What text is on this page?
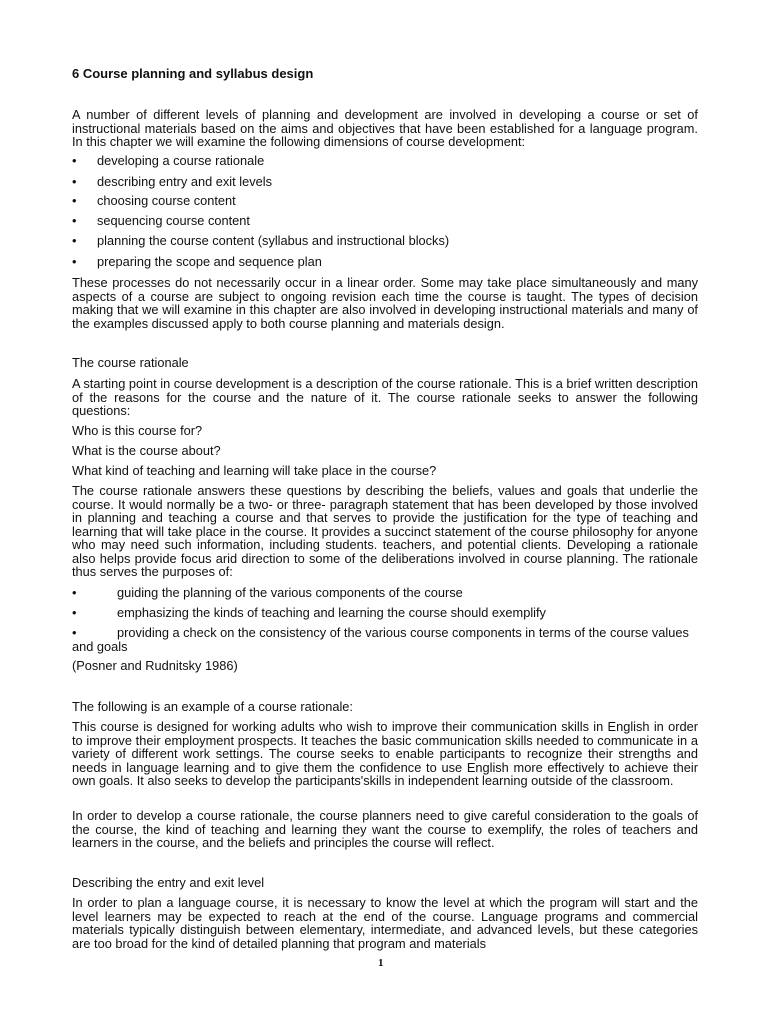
6 Course planning and syllabus design

A number of different levels of planning and development are involved in developing a course or set of instructional materials based on the aims and objectives that have been established for a language program. In this chapter we will examine the following dimensions of course development:

• developing a course rationale
• describing entry and exit levels
• choosing course content
• sequencing course content
• planning the course content (syllabus and instructional blocks)
• preparing the scope and sequence plan

These processes do not necessarily occur in a linear order. Some may take place simultaneously and many aspects of a course are subject to ongoing revision each time the course is taught. The types of decision making that we will examine in this chapter are also involved in developing instructional materials and many of the examples discussed apply to both course planning and materials design.

The course rationale

A starting point in course development is a description of the course rationale. This is a brief written description of the reasons for the course and the nature of it. The course rationale seeks to answer the following questions:

Who is this course for?

What is the course about?

What kind of teaching and learning will take place in the course?

The course rationale answers these questions by describing the beliefs, values and goals that underlie the course. It would normally be a two- or three- paragraph statement that has been developed by those involved in planning and teaching a course and that serves to provide the justification for the type of teaching and learning that will take place in the course. It provides a succinct statement of the course philosophy for anyone who may need such information, including students. teachers, and potential clients. Developing a rationale also helps provide focus arid direction to some of the deliberations involved in course planning. The rationale thus serves the purposes of:

•	guiding the planning of the various components of the course
•	emphasizing the kinds of teaching and learning the course should exemplify
•	providing a check on the consistency of the various course components in terms of the course values and goals

(Posner and Rudnitsky 1986)

The following is an example of a course rationale:

This course is designed for working adults who wish to improve their communication skills in English in order to improve their employment prospects. It teaches the basic communication skills needed to communicate in a variety of different work settings. The course seeks to enable participants to recognize their strengths and needs in language learning and to give them the confidence to use English more effectively to achieve their own goals. It also seeks to develop the participants'skills in independent learning outside of the classroom.

In order to develop a course rationale, the course planners need to give careful consideration to the goals of the course, the kind of teaching and learning they want the course to exemplify, the roles of teachers and learners in the course, and the beliefs and principles the course will reflect.

Describing the entry and exit level

In order to plan a language course, it is necessary to know the level at which the program will start and the level learners may be expected to reach at the end of the course. Language programs and commercial materials typically distinguish between elementary, intermediate, and advanced levels, but these categories are too broad for the kind of detailed planning that program and materials

1
